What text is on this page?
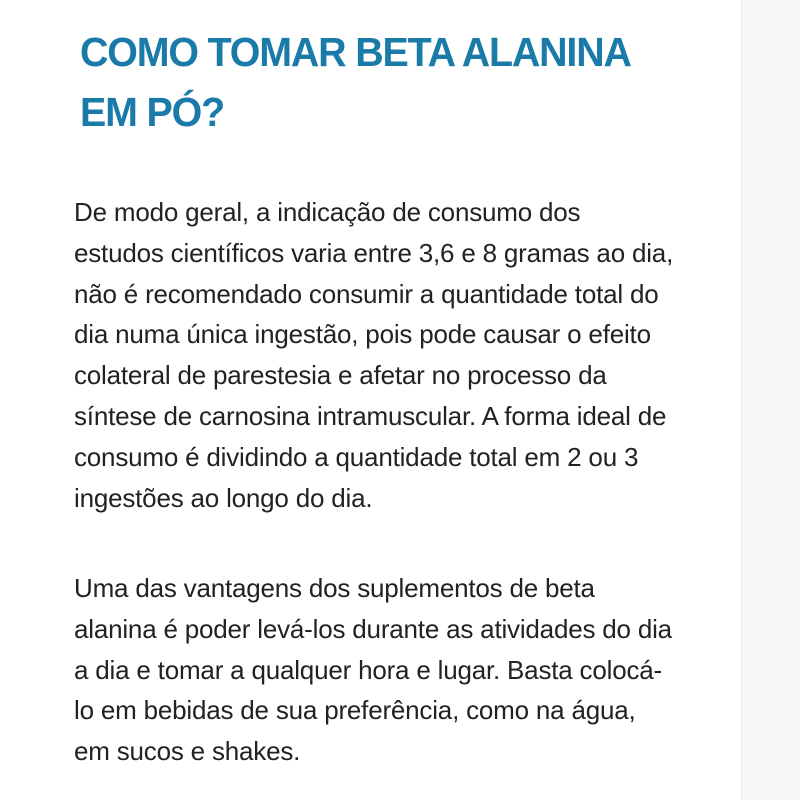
COMO TOMAR BETA ALANINA
EM PÓ?

De modo geral, a indicação de consumo dos
estudos científicos varia entre 3,6 e 8 gramas ao dia,
não é recomendado consumir a quantidade total do
dia numa única ingestão, pois pode causar o efeito
colateral de parestesia e afetar no processo da
síntese de carnosina intramuscular. A forma ideal de
consumo é dividindo a quantidade total em 2 ou 3
ingestões ao longo do dia.

Uma das vantagens dos suplementos de beta
alanina é poder levá-los durante as atividades do dia
a dia e tomar a qualquer hora e lugar. Basta colocá-
lo em bebidas de sua preferência, como na água,
em sucos e shakes.
